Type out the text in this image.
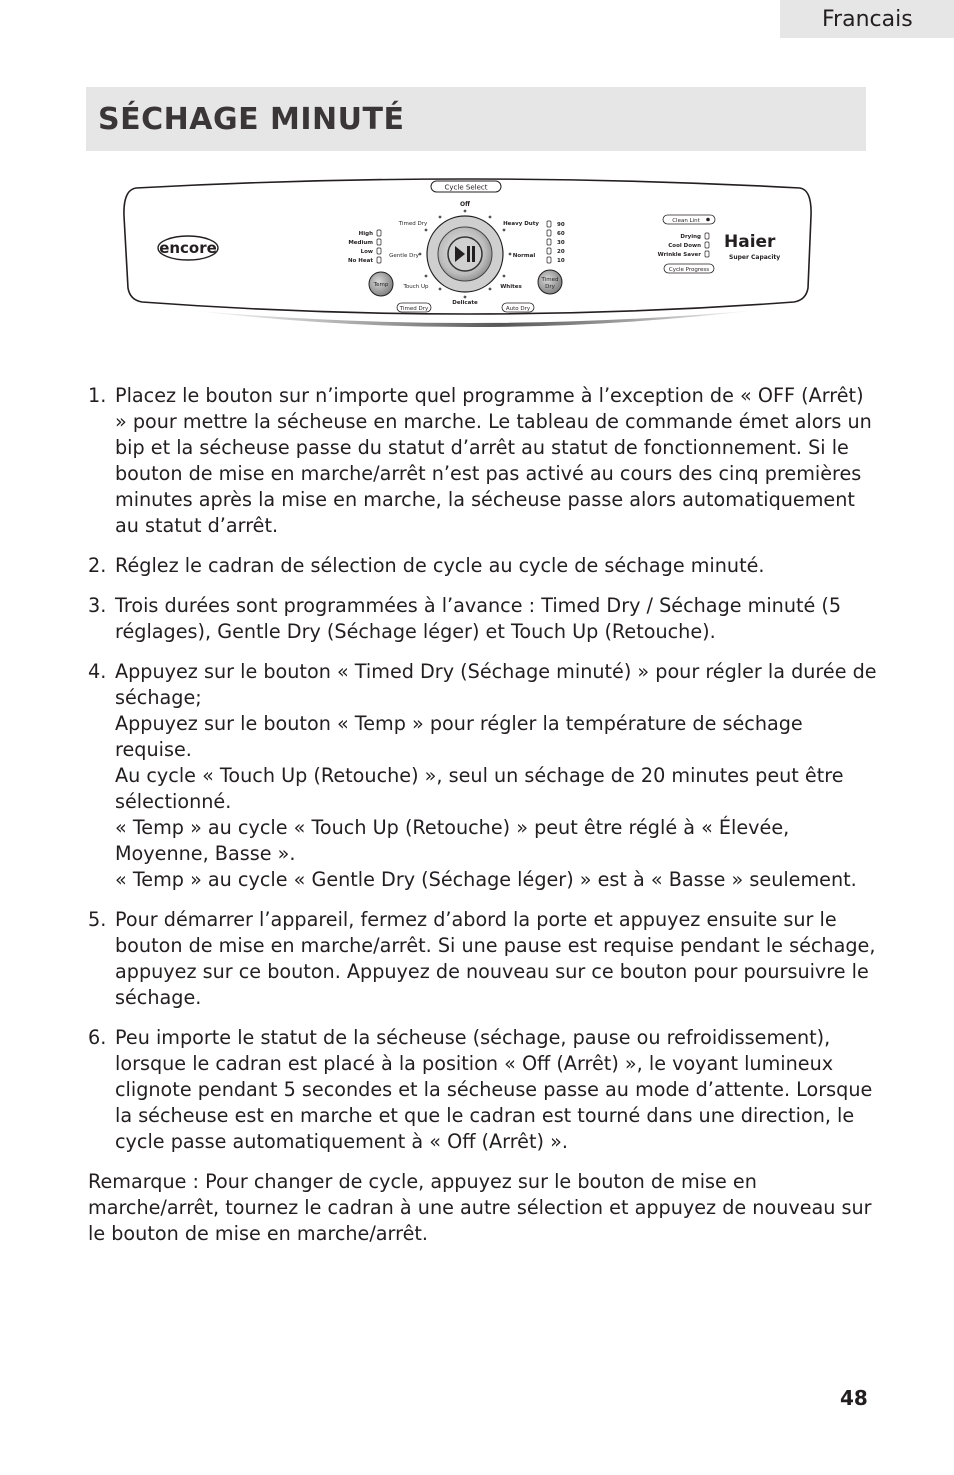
Francais
SÉCHAGE MINUTÉ
encore
Cycle Select
Off
Timed Dry	Heavy Duty
Gentle Dry	Normal
Touch Up	Whites
Delicate
High
Medium
Low
No Heat
Temp
Timed
Dry
90
60
30
20
10
Timed Dry	Auto Dry
Clean Lint
Drying
Cool Down
Wrinkle Saver
Cycle Progress
Haier
Super Capacity
1. Placez le bouton sur n’importe quel programme à l’exception de « OFF (Arrêt) » pour mettre la sécheuse en marche. Le tableau de commande émet alors un bip et la sécheuse passe du statut d’arrêt au statut de fonctionnement. Si le bouton de mise en marche/arrêt n’est pas activé au cours des cinq premières minutes après la mise en marche, la sécheuse passe alors automatiquement au statut d’arrêt.

2. Réglez le cadran de sélection de cycle au cycle de séchage minuté.

3. Trois durées sont programmées à l’avance : Timed Dry / Séchage minuté (5 réglages), Gentle Dry (Séchage léger) et Touch Up (Retouche).

4. Appuyez sur le bouton « Timed Dry (Séchage minuté) » pour régler la durée de séchage;

Appuyez sur le bouton « Temp » pour régler la température de séchage requise.

Au cycle « Touch Up (Retouche) », seul un séchage de 20 minutes peut être sélectionné.

« Temp » au cycle « Touch Up (Retouche) » peut être réglé à « Élevée, Moyenne, Basse ».

« Temp » au cycle « Gentle Dry (Séchage léger) » est à « Basse » seulement.

5. Pour démarrer l’appareil, fermez d’abord la porte et appuyez ensuite sur le bouton de mise en marche/arrêt. Si une pause est requise pendant le séchage, appuyez sur ce bouton. Appuyez de nouveau sur ce bouton pour poursuivre le séchage.

6. Peu importe le statut de la sécheuse (séchage, pause ou refroidissement), lorsque le cadran est placé à la position « Off (Arrêt) », le voyant lumineux clignote pendant 5 secondes et la sécheuse passe au mode d’attente. Lorsque la sécheuse est en marche et que le cadran est tourné dans une direction, le cycle passe automatiquement à « Off (Arrêt) ».

Remarque : Pour changer de cycle, appuyez sur le bouton de mise en marche/arrêt, tournez le cadran à une autre sélection et appuyez de nouveau sur le bouton de mise en marche/arrêt.

48
